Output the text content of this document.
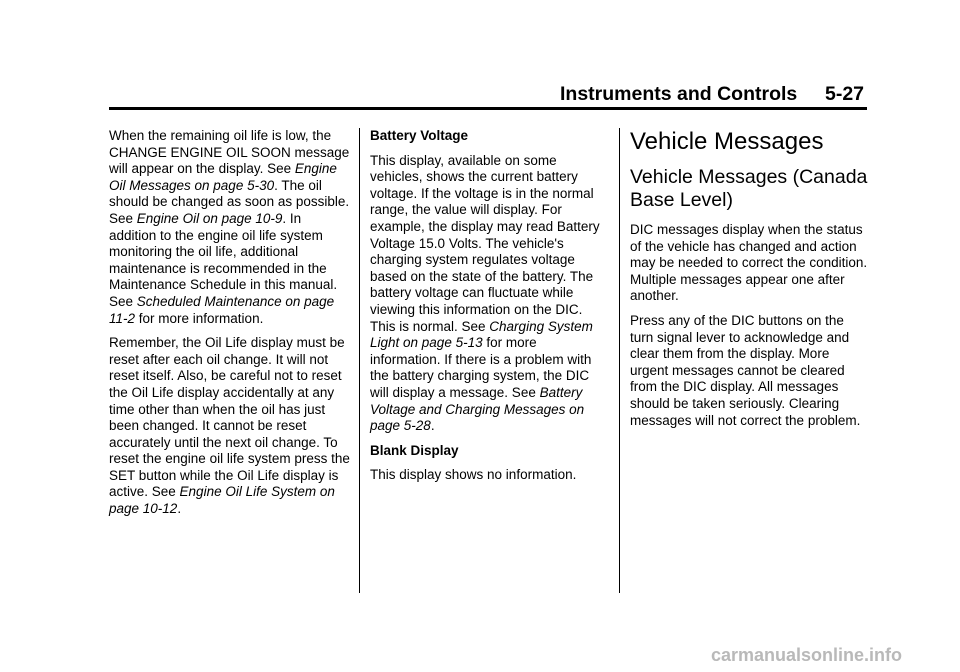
Instruments and Controls 5-27

When the remaining oil life is low, the CHANGE ENGINE OIL SOON message will appear on the display. See Engine Oil Messages on page 5-30. The oil should be changed as soon as possible. See Engine Oil on page 10-9. In addition to the engine oil life system monitoring the oil life, additional maintenance is recommended in the Maintenance Schedule in this manual. See Scheduled Maintenance on page 11-2 for more information.

Remember, the Oil Life display must be reset after each oil change. It will not reset itself. Also, be careful not to reset the Oil Life display accidentally at any time other than when the oil has just been changed. It cannot be reset accurately until the next oil change. To reset the engine oil life system press the SET button while the Oil Life display is active. See Engine Oil Life System on page 10-12.

Battery Voltage

This display, available on some vehicles, shows the current battery voltage. If the voltage is in the normal range, the value will display. For example, the display may read Battery Voltage 15.0 Volts. The vehicle's charging system regulates voltage based on the state of the battery. The battery voltage can fluctuate while viewing this information on the DIC. This is normal. See Charging System Light on page 5-13 for more information. If there is a problem with the battery charging system, the DIC will display a message. See Battery Voltage and Charging Messages on page 5-28.

Blank Display

This display shows no information.

Vehicle Messages
Vehicle Messages (Canada Base Level)

DIC messages display when the status of the vehicle has changed and action may be needed to correct the condition. Multiple messages appear one after another.

Press any of the DIC buttons on the turn signal lever to acknowledge and clear them from the display. More urgent messages cannot be cleared from the DIC display. All messages should be taken seriously. Clearing messages will not correct the problem.

carmanualsonline.info
